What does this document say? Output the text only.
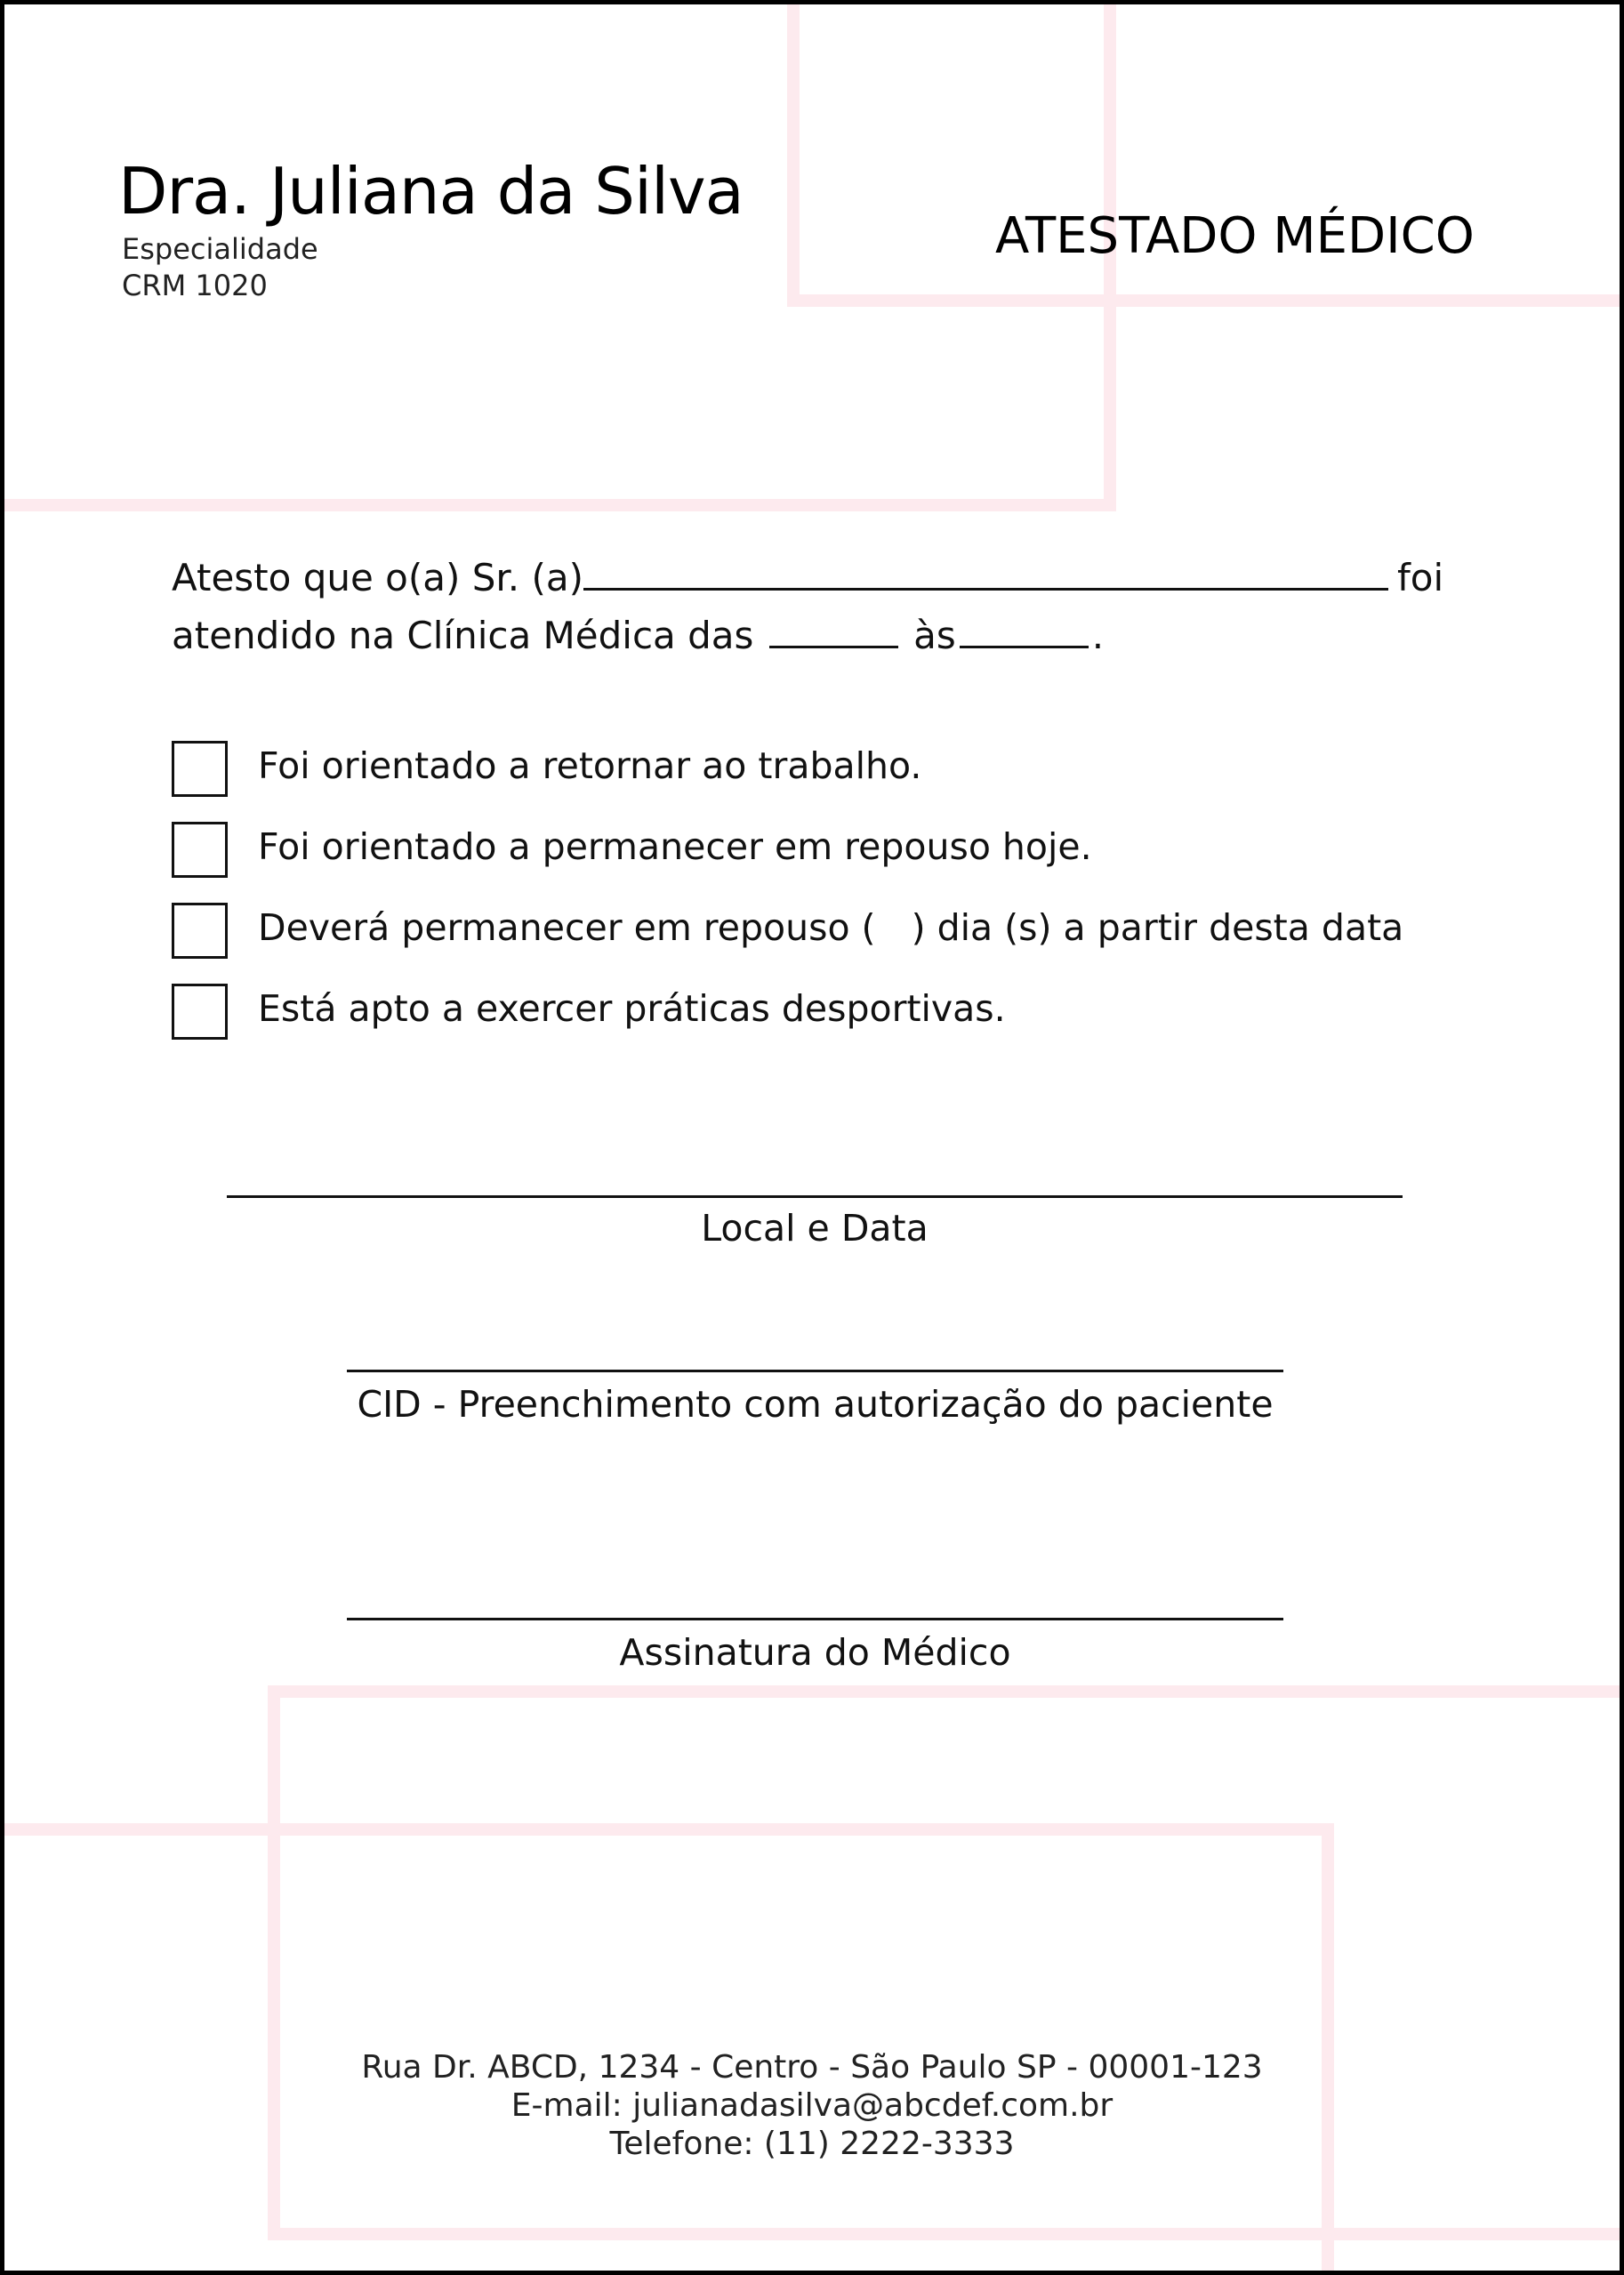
Dra. Juliana da Silva
Especialidade
CRM 1020
ATESTADO MÉDICO
Atesto que o(a) Sr. (a)	foi
atendido na Clínica Médica das	às	.
Foi orientado a retornar ao trabalho.
Foi orientado a permanecer em repouso hoje.
Deverá permanecer em repouso ( ) dia (s) a partir desta data
Está apto a exercer práticas desportivas.
Local e Data
CID - Preenchimento com autorização do paciente
Assinatura do Médico
Rua Dr. ABCD, 1234 - Centro - São Paulo SP - 00001-123
E-mail: julianadasilva@abcdef.com.br
Telefone: (11) 2222-3333
